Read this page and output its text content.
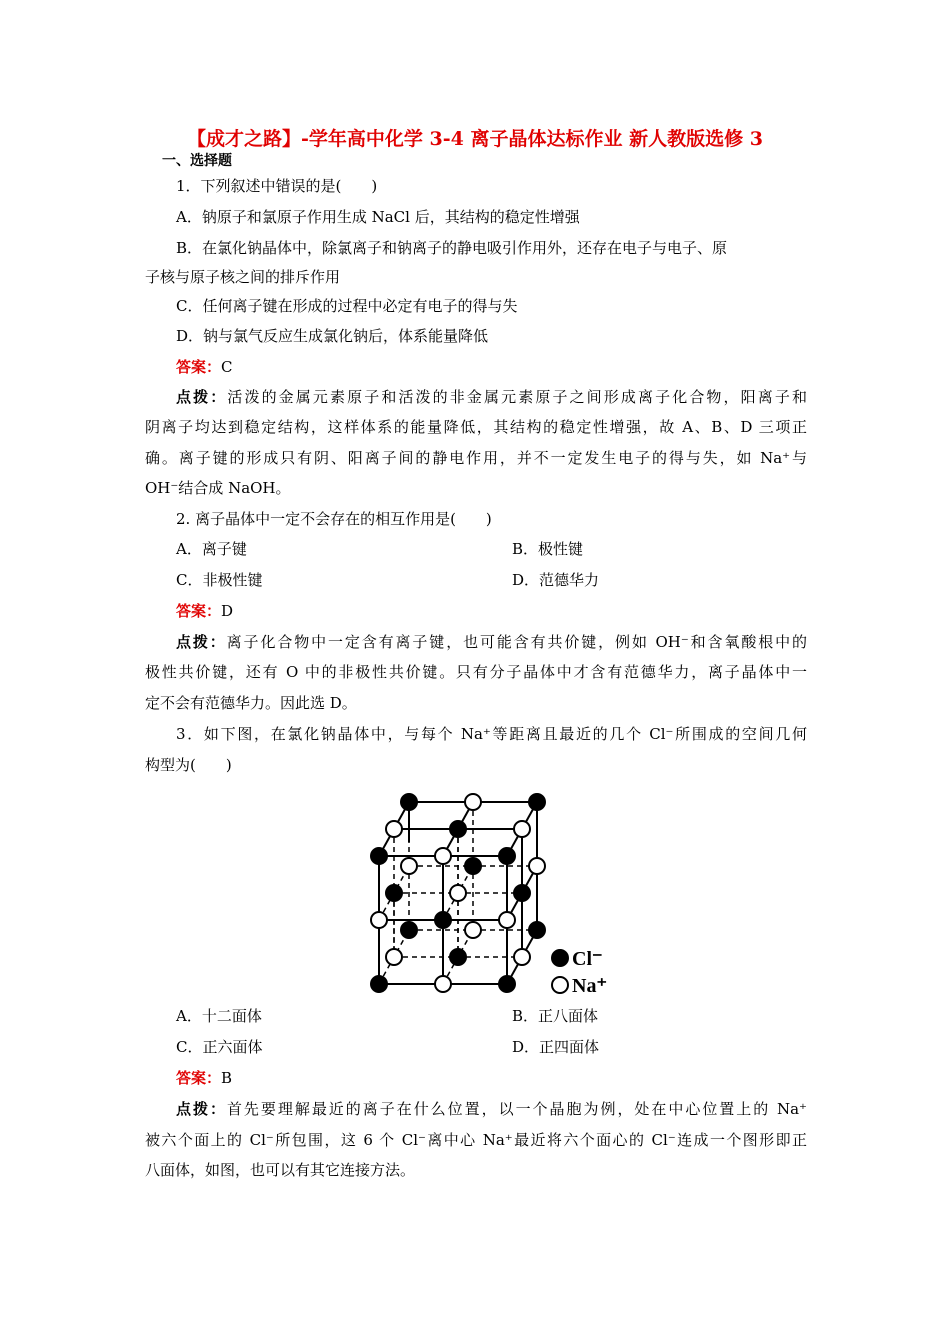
【成才之路】-学年高中化学 3-4 离子晶体达标作业 新人教版选修 3
一、选择题
1．下列叙述中错误的是(　　)
A．钠原子和氯原子作用生成 NaCl 后，其结构的稳定性增强
B．在氯化钠晶体中，除氯离子和钠离子的静电吸引作用外，还存在电子与电子、原
子核与原子核之间的排斥作用
C．任何离子键在形成的过程中必定有电子的得与失
D．钠与氯气反应生成氯化钠后，体系能量降低
答案：C
点拨：活泼的金属元素原子和活泼的非金属元素原子之间形成离子化合物，阳离子和
阴离子均达到稳定结构，这样体系的能量降低，其结构的稳定性增强，故 A、B、D 三项正
确。离子键的形成只有阴、阳离子间的静电作用，并不一定发生电子的得与失，如 Na⁺与
OH⁻结合成 NaOH。
2. 离子晶体中一定不会存在的相互作用是(　　)
A．离子键	B．极性键
C．非极性键	D．范德华力
答案：D
点拨：离子化合物中一定含有离子键，也可能含有共价键，例如 OH⁻和含氧酸根中的
极性共价键，还有 O 中的非极性共价键。只有分子晶体中才含有范德华力，离子晶体中一
定不会有范德华力。因此选 D。
3．如下图，在氯化钠晶体中，与每个 Na⁺等距离且最近的几个 Cl⁻所围成的空间几何
构型为(　　)
Cl⁻
Na⁺
A．十二面体	B．正八面体
C．正六面体	D．正四面体
答案：B
点拨：首先要理解最近的离子在什么位置，以一个晶胞为例，处在中心位置上的 Na⁺
被六个面上的 Cl⁻所包围，这 6 个 Cl⁻离中心 Na⁺最近将六个面心的 Cl⁻连成一个图形即正
八面体，如图，也可以有其它连接方法。
